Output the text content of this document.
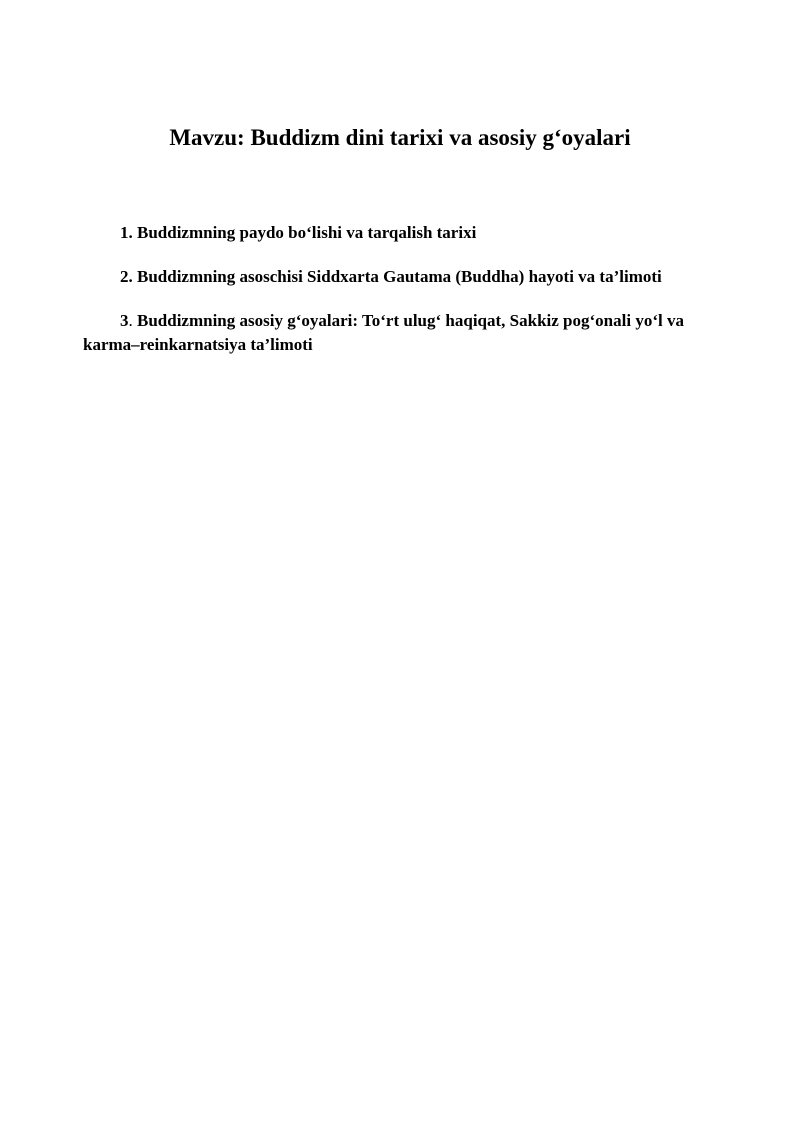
Mavzu: Buddizm dini tarixi va asosiy g‘oyalari

1. Buddizmning paydo bo‘lishi va tarqalish tarixi

2. Buddizmning asoschisi Siddxarta Gautama (Buddha) hayoti va ta’limoti

3. Buddizmning asosiy g‘oyalari: To‘rt ulug‘ haqiqat, Sakkiz pog‘onali yo‘l va karma–reinkarnatsiya ta’limoti
